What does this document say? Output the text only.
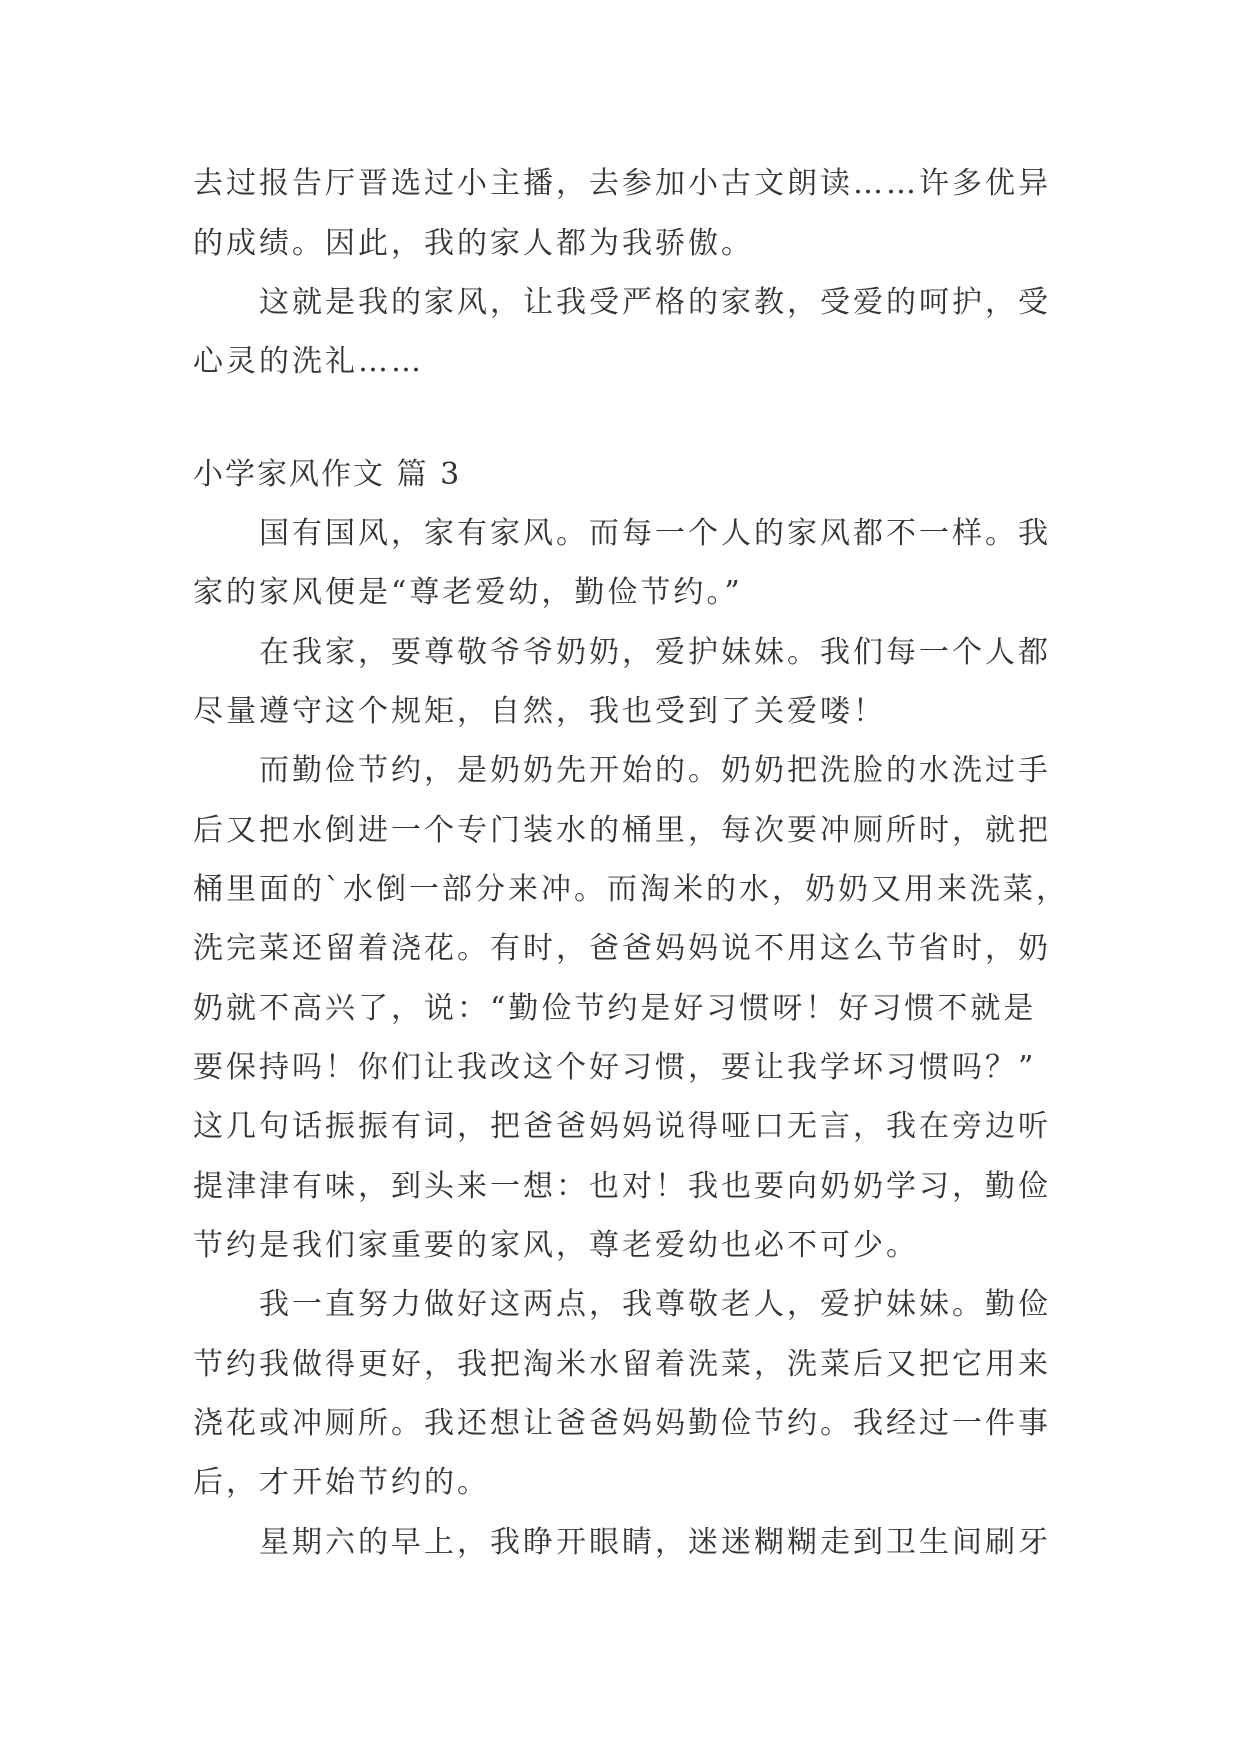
去过报告厅晋选过小主播，去参加小古文朗读……许多优异
的成绩。因此，我的家人都为我骄傲。
　　这就是我的家风，让我受严格的家教，受爱的呵护，受
心灵的洗礼……
小学家风作文 篇 3
　　国有国风，家有家风。而每一个人的家风都不一样。我
家的家风便是“尊老爱幼，勤俭节约。”
　　在我家，要尊敬爷爷奶奶，爱护妹妹。我们每一个人都
尽量遵守这个规矩，自然，我也受到了关爱喽！
　　而勤俭节约，是奶奶先开始的。奶奶把洗脸的水洗过手
后又把水倒进一个专门装水的桶里，每次要冲厕所时，就把
桶里面的`水倒一部分来冲。而淘米的水，奶奶又用来洗菜，
洗完菜还留着浇花。有时，爸爸妈妈说不用这么节省时，奶
奶就不高兴了，说：“勤俭节约是好习惯呀！好习惯不就是
要保持吗！你们让我改这个好习惯，要让我学坏习惯吗？”
这几句话振振有词，把爸爸妈妈说得哑口无言，我在旁边听
提津津有味，到头来一想：也对！我也要向奶奶学习，勤俭
节约是我们家重要的家风，尊老爱幼也必不可少。
　　我一直努力做好这两点，我尊敬老人，爱护妹妹。勤俭
节约我做得更好，我把淘米水留着洗菜，洗菜后又把它用来
浇花或冲厕所。我还想让爸爸妈妈勤俭节约。我经过一件事
后，才开始节约的。
　　星期六的早上，我睁开眼睛，迷迷糊糊走到卫生间刷牙
